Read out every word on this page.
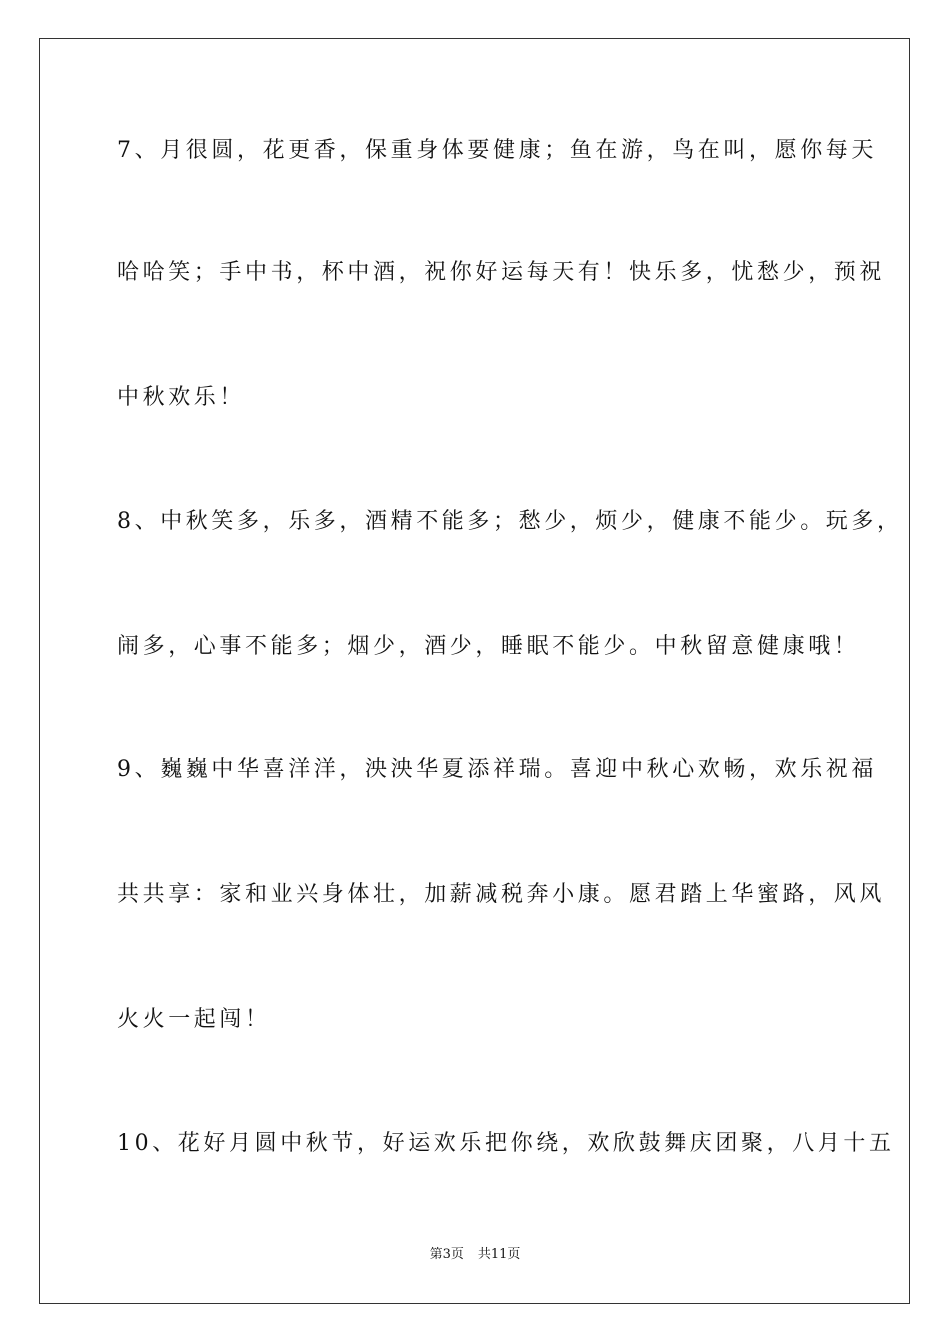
7、月很圆，花更香，保重身体要健康；鱼在游，鸟在叫，愿你每天
哈哈笑；手中书，杯中酒，祝你好运每天有！快乐多，忧愁少，预祝
中秋欢乐！
8、中秋笑多，乐多，酒精不能多；愁少，烦少，健康不能少。玩多，
闹多，心事不能多；烟少，酒少，睡眠不能少。中秋留意健康哦！
9、巍巍中华喜洋洋，泱泱华夏添祥瑞。喜迎中秋心欢畅，欢乐祝福
共共享：家和业兴身体壮，加薪减税奔小康。愿君踏上华蜜路，风风
火火一起闯！
10、花好月圆中秋节，好运欢乐把你绕，欢欣鼓舞庆团聚，八月十五
第3页 共11页
